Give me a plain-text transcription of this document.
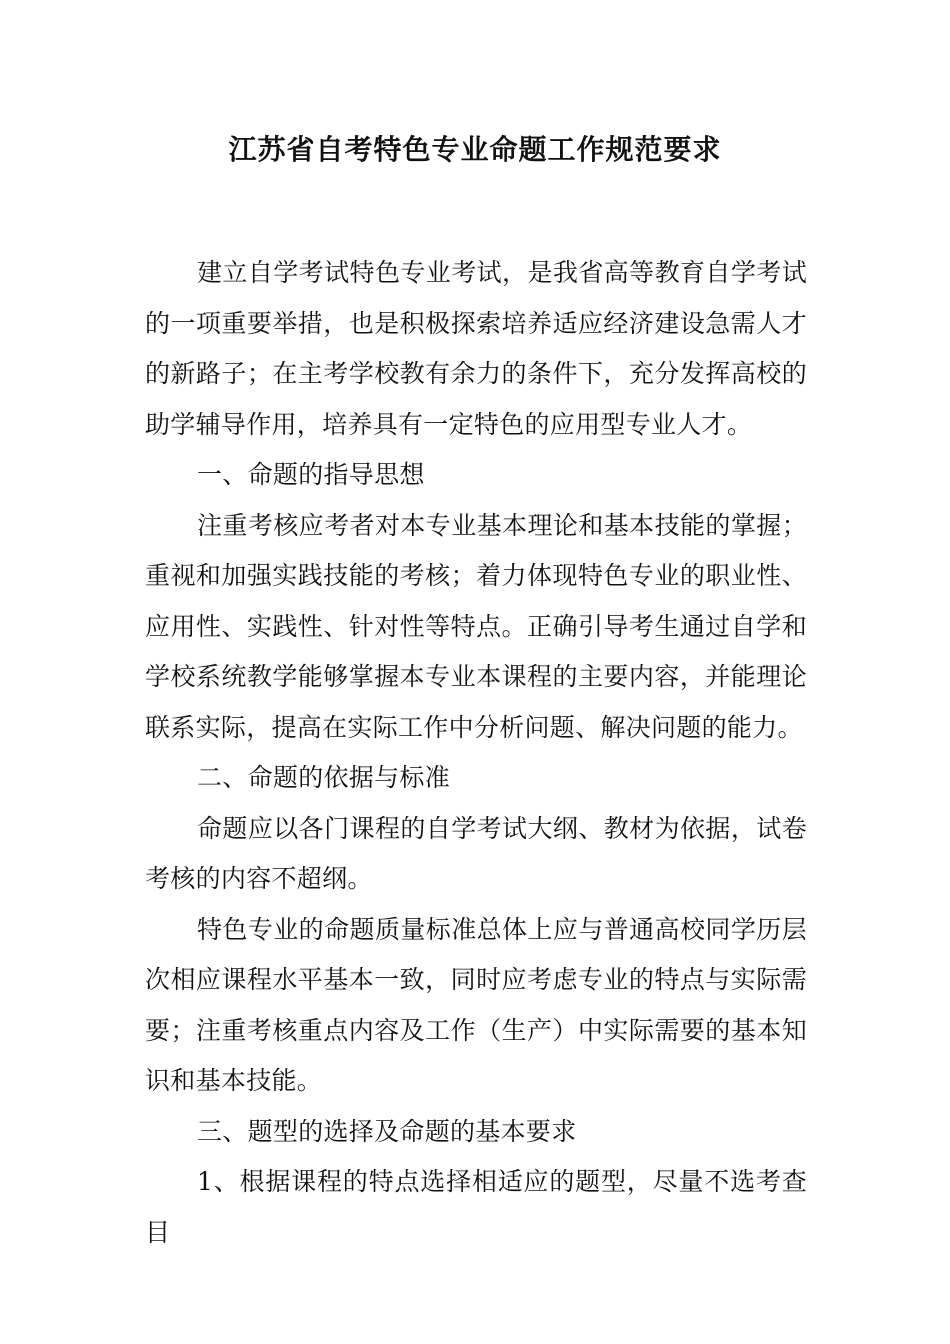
江苏省自考特色专业命题工作规范要求

建立自学考试特色专业考试，是我省高等教育自学考试的一项重要举措，也是积极探索培养适应经济建设急需人才的新路子；在主考学校教有余力的条件下，充分发挥高校的助学辅导作用，培养具有一定特色的应用型专业人才。

一、命题的指导思想

注重考核应考者对本专业基本理论和基本技能的掌握；重视和加强实践技能的考核；着力体现特色专业的职业性、应用性、实践性、针对性等特点。正确引导考生通过自学和学校系统教学能够掌握本专业本课程的主要内容，并能理论联系实际，提高在实际工作中分析问题、解决问题的能力。

二、命题的依据与标准

命题应以各门课程的自学考试大纲、教材为依据，试卷考核的内容不超纲。

特色专业的命题质量标准总体上应与普通高校同学历层次相应课程水平基本一致，同时应考虑专业的特点与实际需要；注重考核重点内容及工作（生产）中实际需要的基本知识和基本技能。

三、题型的选择及命题的基本要求

1、根据课程的特点选择相适应的题型，尽量不选考查目
